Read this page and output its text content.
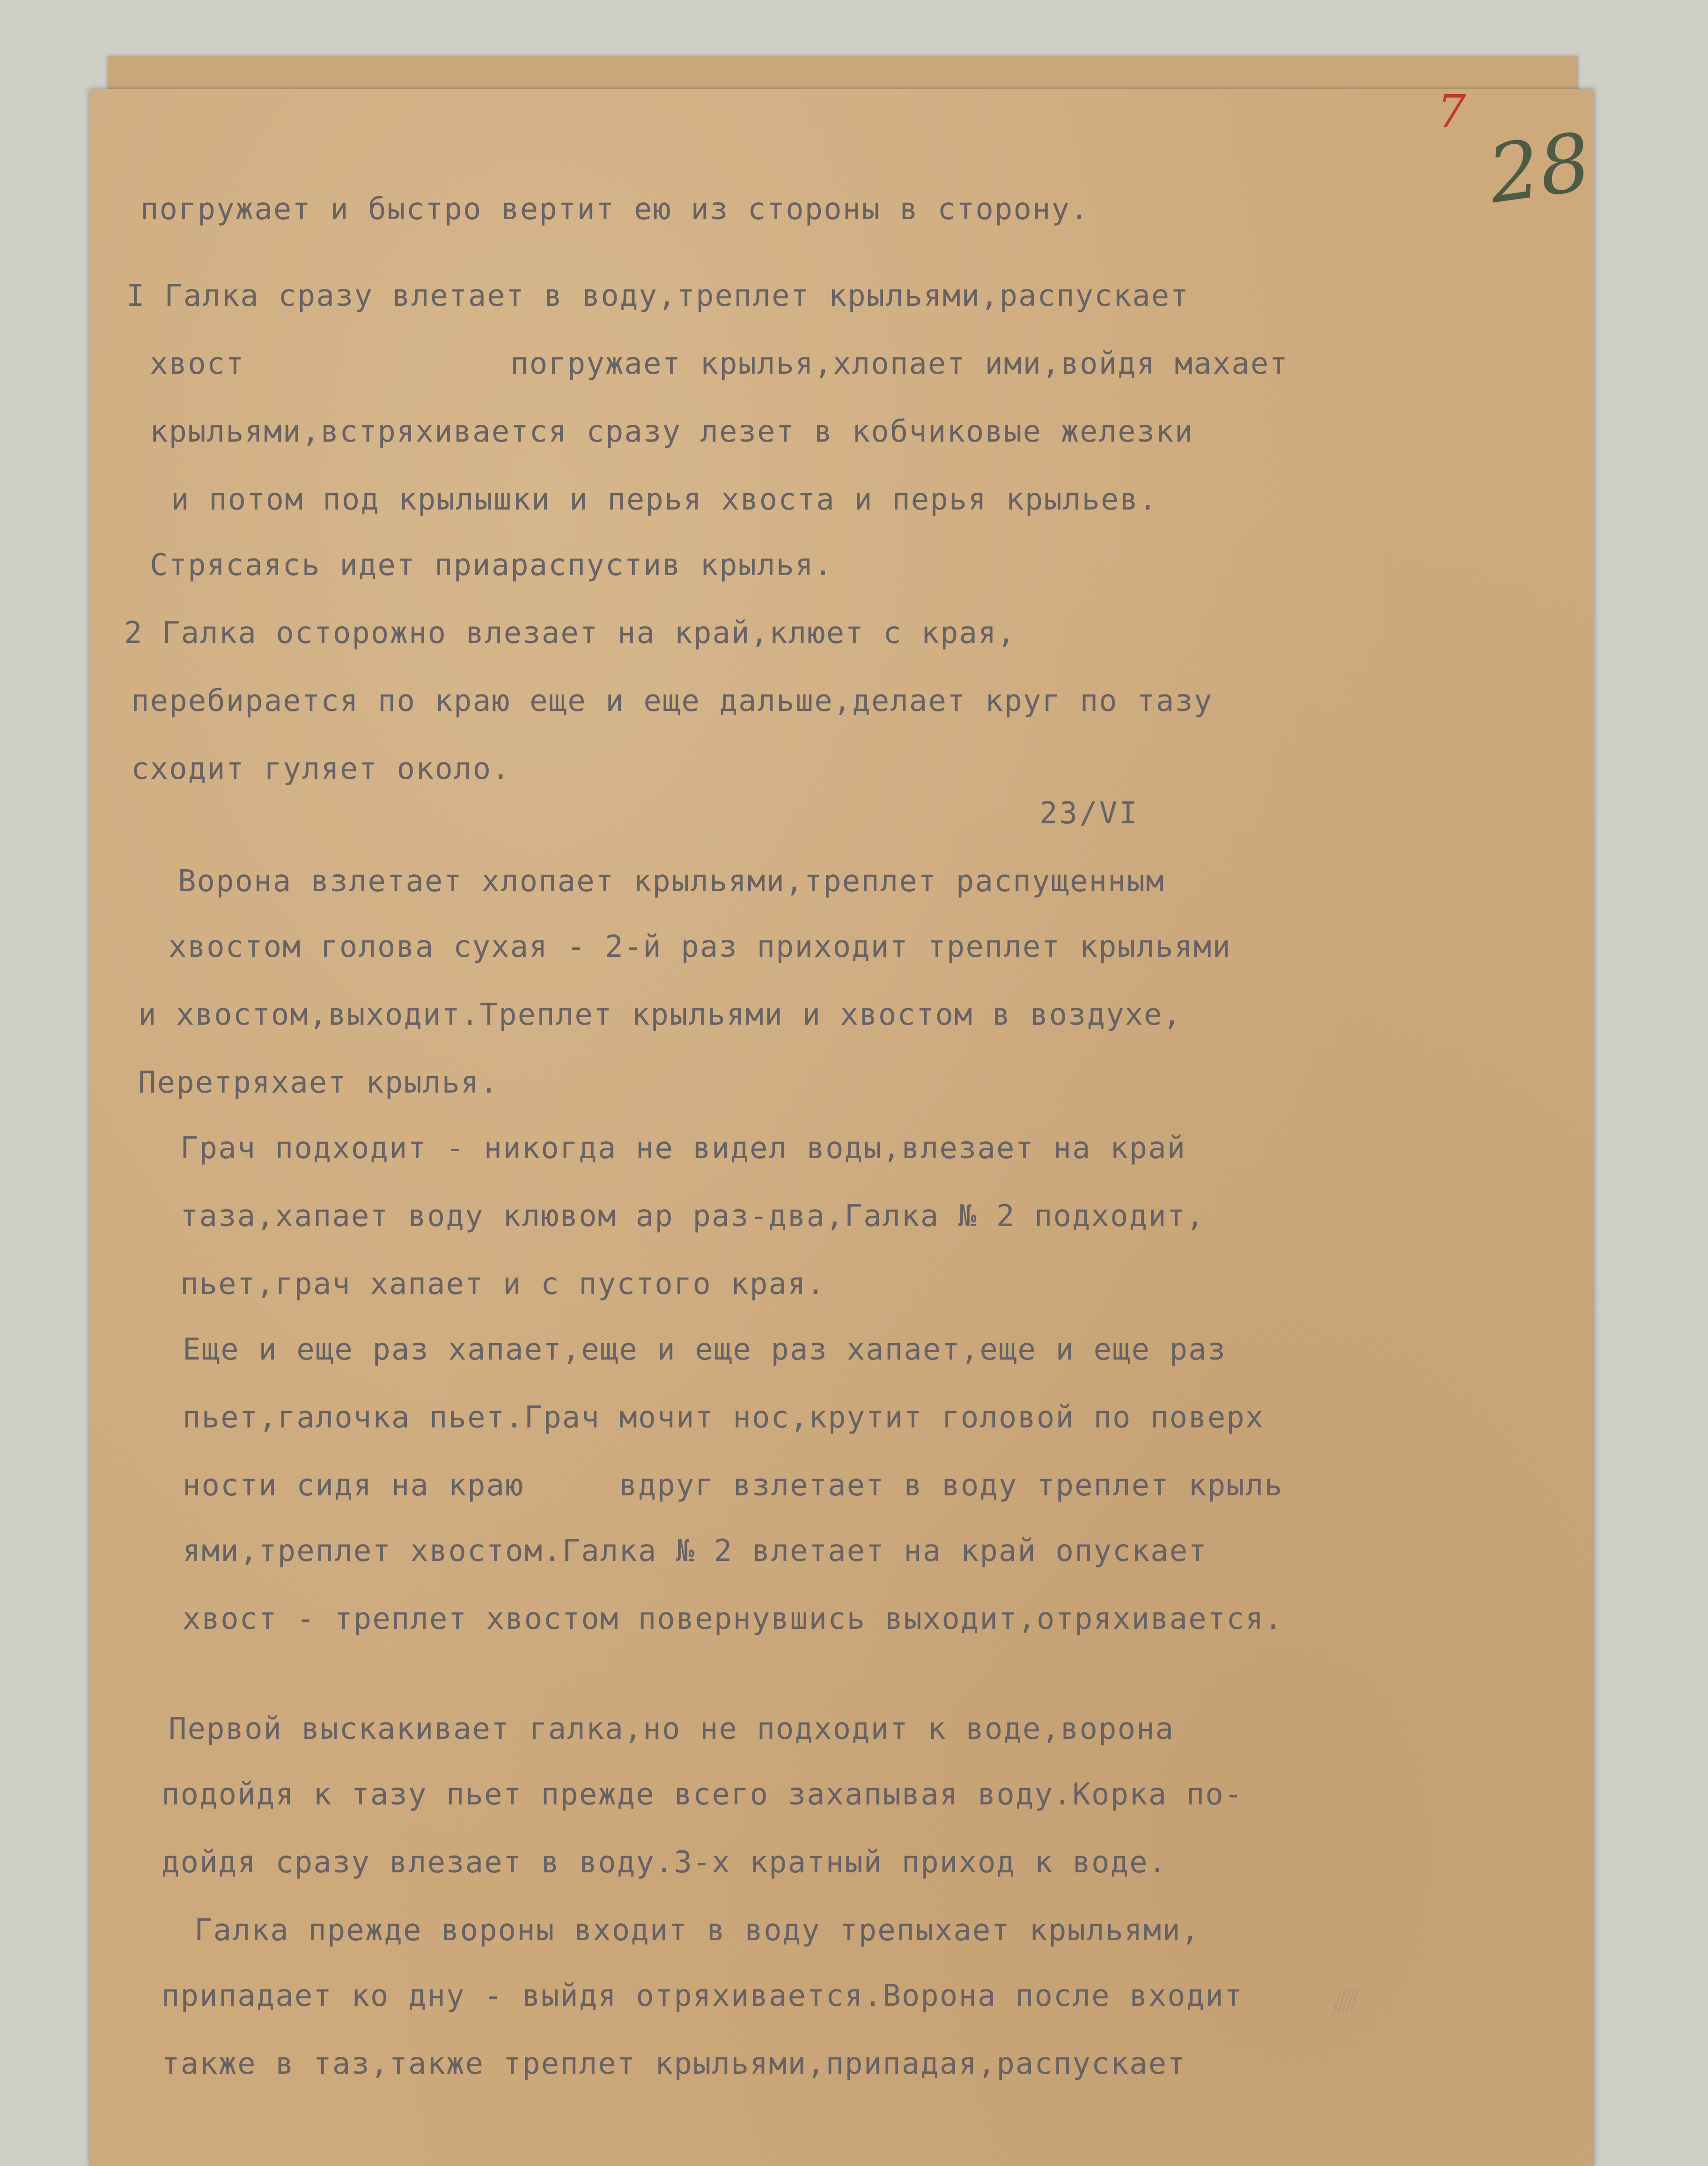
7
28
⁄⁄⁄⁄⁄
погружает и быстро вертит ею из стороны в сторону.
I Галка сразу влетает в воду,треплет крыльями,распускает
хвост              погружает крылья,хлопает ими,войдя махает
крыльями,встряхивается сразу лезет в кобчиковые железки
и потом под крылышки и перья хвоста и перья крыльев.
Стрясаясь идет приараспустив крылья.
2 Галка осторожно влезает на край,клюет с края,
перебирается по краю еще и еще дальше,делает круг по тазу
сходит гуляет около.
23/VI
Ворона взлетает хлопает крыльями,треплет распущенным
хвостом голова сухая - 2-й раз приходит треплет крыльями
и хвостом,выходит.Треплет крыльями и хвостом в воздухе,
Перетряхает крылья.
Грач подходит - никогда не видел воды,влезает на край
таза,хапает воду клювом ар раз-два,Галка № 2 подходит,
пьет,грач хапает и с пустого края.
Еще и еще раз хапает,еще и еще раз хапает,еще и еще раз
пьет,галочка пьет.Грач мочит нос,крутит головой по поверх
ности сидя на краю     вдруг взлетает в воду треплет крыль
ями,треплет хвостом.Галка № 2 влетает на край опускает
хвост - треплет хвостом повернувшись выходит,отряхивается.
Первой выскакивает галка,но не подходит к воде,ворона
подойдя к тазу пьет прежде всего захапывая воду.Корка по-
дойдя сразу влезает в воду.3-х кратный приход к воде.
Галка прежде вороны входит в воду трепыхает крыльями,
припадает ко дну - выйдя отряхивается.Ворона после входит
также в таз,также треплет крыльями,припадая,распускает
